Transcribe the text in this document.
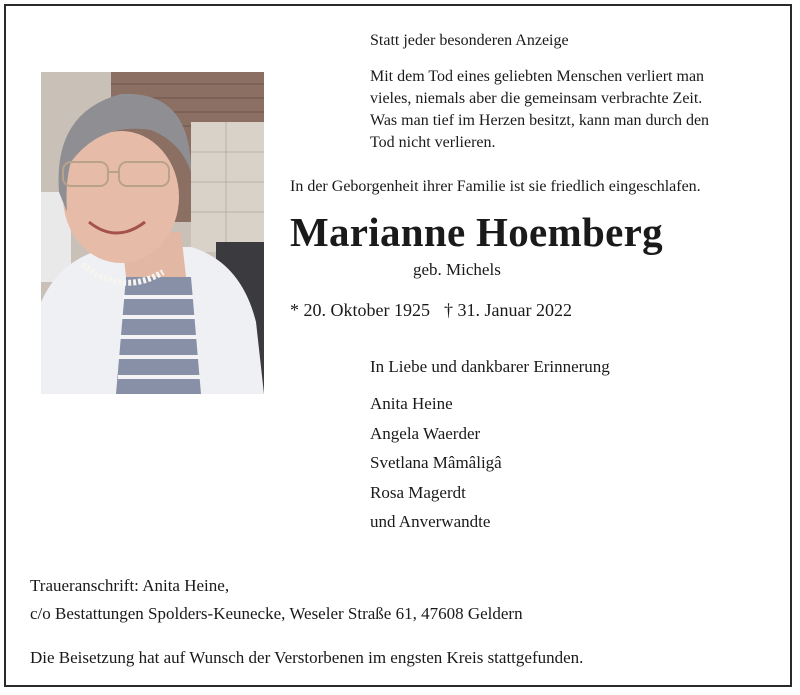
Statt jeder besonderen Anzeige
Mit dem Tod eines geliebten Menschen verliert man
vieles, niemals aber die gemeinsam verbrachte Zeit.
Was man tief im Herzen besitzt, kann man durch den
Tod nicht verlieren.
In der Geborgenheit ihrer Familie ist sie friedlich eingeschlafen.
Marianne Hoemberg
geb. Michels
* 20. Oktober 1925 † 31. Januar 2022
In Liebe und dankbarer Erinnerung
Anita Heine
Angela Waerder
Svetlana Mâmâligâ
Rosa Magerdt
und Anverwandte
Traueranschrift: Anita Heine,
c/o Bestattungen Spolders-Keunecke, Weseler Straße 61, 47608 Geldern
Die Beisetzung hat auf Wunsch der Verstorbenen im engsten Kreis stattgefunden.
